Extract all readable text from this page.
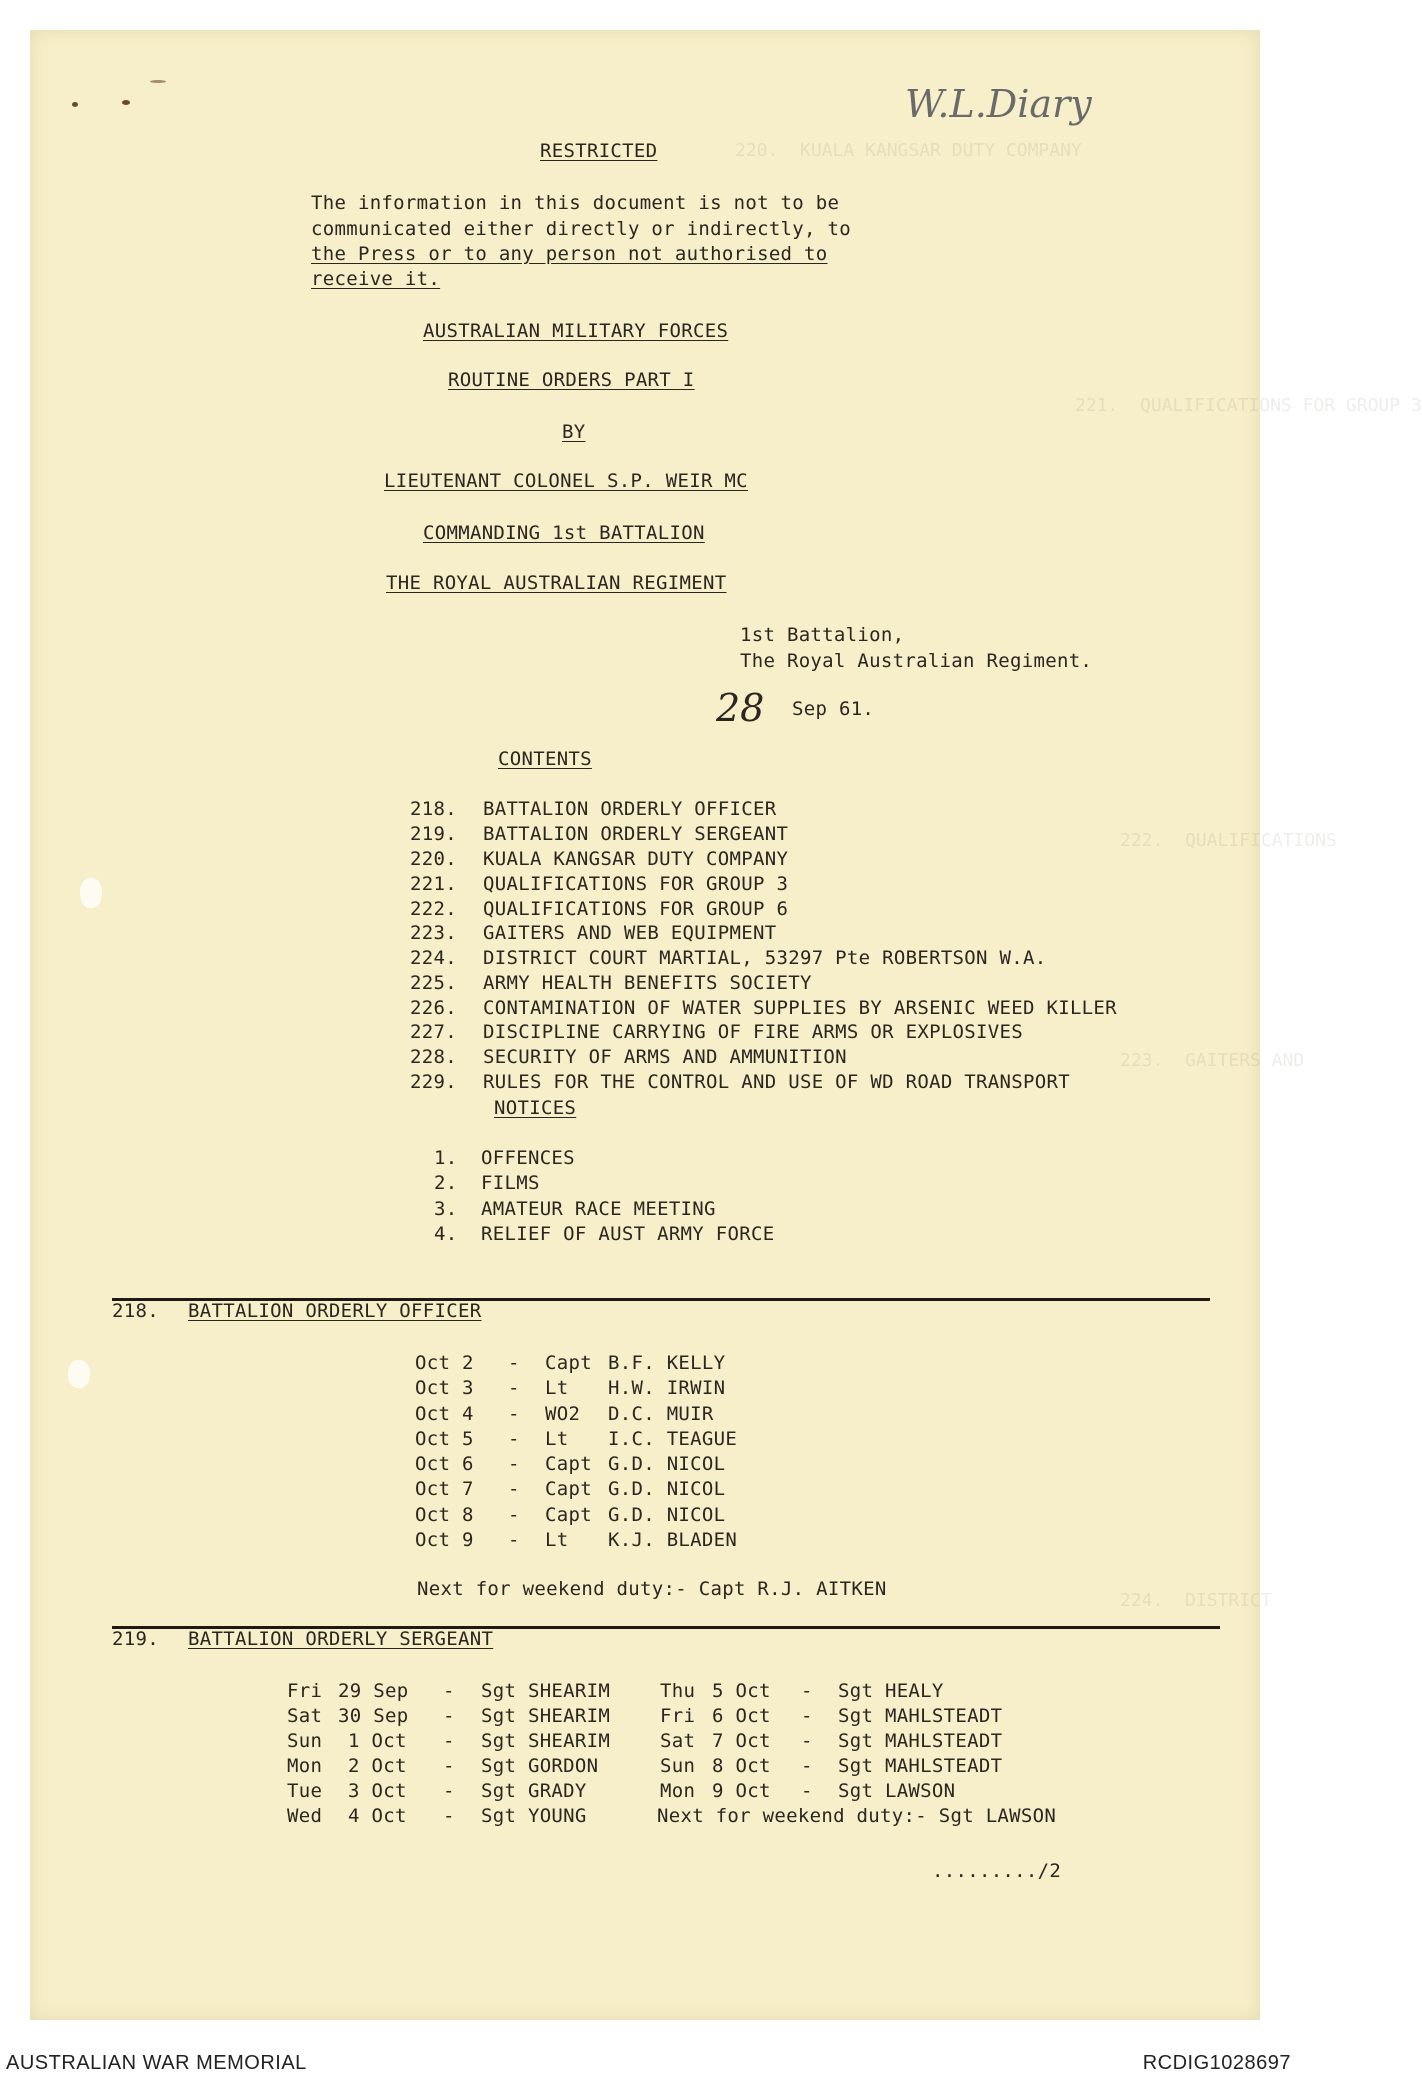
220.  KUALA KANGSAR DUTY COMPANY
221.  QUALIFICATIONS FOR GROUP 3
222.  QUALIFICATIONS
223.  GAITERS AND
224.  DISTRICT
W.L.Diary
RESTRICTED
The information in this document is not to be
communicated either directly or indirectly, to
the Press or to any person not authorised to
receive it.
AUSTRALIAN MILITARY FORCES
ROUTINE ORDERS PART I
BY
LIEUTENANT COLONEL S.P. WEIR MC
COMMANDING 1st BATTALION
THE ROYAL AUSTRALIAN REGIMENT
1st Battalion,
The Royal Australian Regiment.
28 Sep 61.
CONTENTS
218. BATTALION ORDERLY OFFICER
219. BATTALION ORDERLY SERGEANT
220. KUALA KANGSAR DUTY COMPANY
221. QUALIFICATIONS FOR GROUP 3
222. QUALIFICATIONS FOR GROUP 6
223. GAITERS AND WEB EQUIPMENT
224. DISTRICT COURT MARTIAL, 53297 Pte ROBERTSON W.A.
225. ARMY HEALTH BENEFITS SOCIETY
226. CONTAMINATION OF WATER SUPPLIES BY ARSENIC WEED KILLER
227. DISCIPLINE CARRYING OF FIRE ARMS OR EXPLOSIVES
228. SECURITY OF ARMS AND AMMUNITION
229. RULES FOR THE CONTROL AND USE OF WD ROAD TRANSPORT
NOTICES
1. OFFENCES
2. FILMS
3. AMATEUR RACE MEETING
4. RELIEF OF AUST ARMY FORCE
218. BATTALION ORDERLY OFFICER
Oct 2 - Capt B.F. KELLY
Oct 3 - Lt H.W. IRWIN
Oct 4 - WO2 D.C. MUIR
Oct 5 - Lt I.C. TEAGUE
Oct 6 - Capt G.D. NICOL
Oct 7 - Capt G.D. NICOL
Oct 8 - Capt G.D. NICOL
Oct 9 - Lt K.J. BLADEN
Next for weekend duty:- Capt R.J. AITKEN
219. BATTALION ORDERLY SERGEANT
Fri 29 Sep - Sgt SHEARIM
Sat 30 Sep - Sgt SHEARIM
Sun 1 Oct - Sgt SHEARIM
Mon 2 Oct - Sgt GORDON
Tue 3 Oct - Sgt GRADY
Wed 4 Oct - Sgt YOUNG
Thu 5 Oct - Sgt HEALY
Fri 6 Oct - Sgt MAHLSTEADT
Sat 7 Oct - Sgt MAHLSTEADT
Sun 8 Oct - Sgt MAHLSTEADT
Mon 9 Oct - Sgt LAWSON
Next for weekend duty:- Sgt LAWSON
........./2
AUSTRALIAN WAR MEMORIAL	RCDIG1028697
